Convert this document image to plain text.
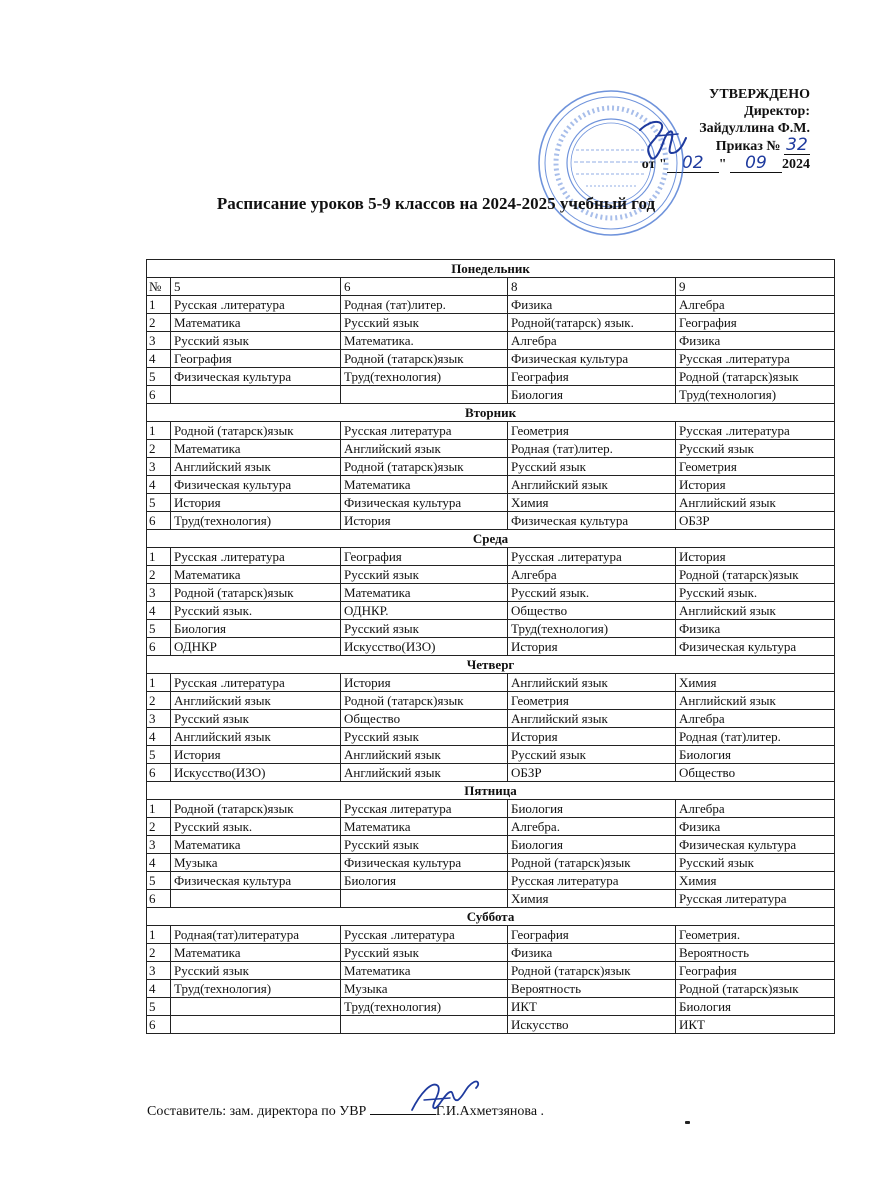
УТВЕРЖДЕНО
Директор:
Зайдуллина Ф.М.
Приказ № 32
от " 02 " 09 2024
Расписание уроков 5-9 классов на 2024-2025 учебный год
Понедельник				
№	5	6	8	9
1	Русская .литература	Родная (тат)литер.	Физика	Алгебра
2	Математика	Русский язык	Родной(татарск) язык.	География
3	Русский язык	Математика.	Алгебра	Физика
4	География	Родной (татарск)язык	Физическая культура	Русская .литература
5	Физическая культура	Труд(технология)	География	Родной (татарск)язык
6			Биология	Труд(технология)
Вторник				
1	Родной (татарск)язык	Русская литература	Геометрия	Русская .литература
2	Математика	Английский язык	Родная (тат)литер.	Русский язык
3	Английский язык	Родной (татарск)язык	Русский язык	Геометрия
4	Физическая культура	Математика	Английский язык	История
5	История	Физическая культура	Химия	Английский язык
6	Труд(технология)	История	Физическая культура	ОБЗР
Среда				
1	Русская .литература	География	Русская .литература	История
2	Математика	Русский язык	Алгебра	Родной (татарск)язык
3	Родной (татарск)язык	Математика	Русский язык.	Русский язык.
4	Русский язык.	ОДНКР.	Общество	Английский язык
5	Биология	Русский язык	Труд(технология)	Физика
6	ОДНКР	Искусство(ИЗО)	История	Физическая культура
Четверг				
1	Русская .литература	История	Английский язык	Химия
2	Английский язык	Родной (татарск)язык	Геометрия	Английский язык
3	Русский язык	Общество	Английский язык	Алгебра
4	Английский язык	Русский язык	История	Родная (тат)литер.
5	История	Английский язык	Русский язык	Биология
6	Искусство(ИЗО)	Английский язык	ОБЗР	Общество
Пятница				
1	Родной (татарск)язык	Русская литература	Биология	Алгебра
2	Русский язык.	Математика	Алгебра.	Физика
3	Математика	Русский язык	Биология	Физическая культура
4	Музыка	Физическая культура	Родной (татарск)язык	Русский язык
5	Физическая культура	Биология	Русская литература	Химия
6			Химия	Русская литература
Суббота				
1	Родная(тат)литература	Русская .литература	География	Геометрия.
2	Математика	Русский язык	Физика	Вероятность
3	Русский язык	Математика	Родной (татарск)язык	География
4	Труд(технология)	Музыка	Вероятность	Родной (татарск)язык
5		Труд(технология)	ИКТ	Биология
6			Искусство	ИКТ
Составитель: зам. директора по УВР	Г.И.Ахметзянова .
